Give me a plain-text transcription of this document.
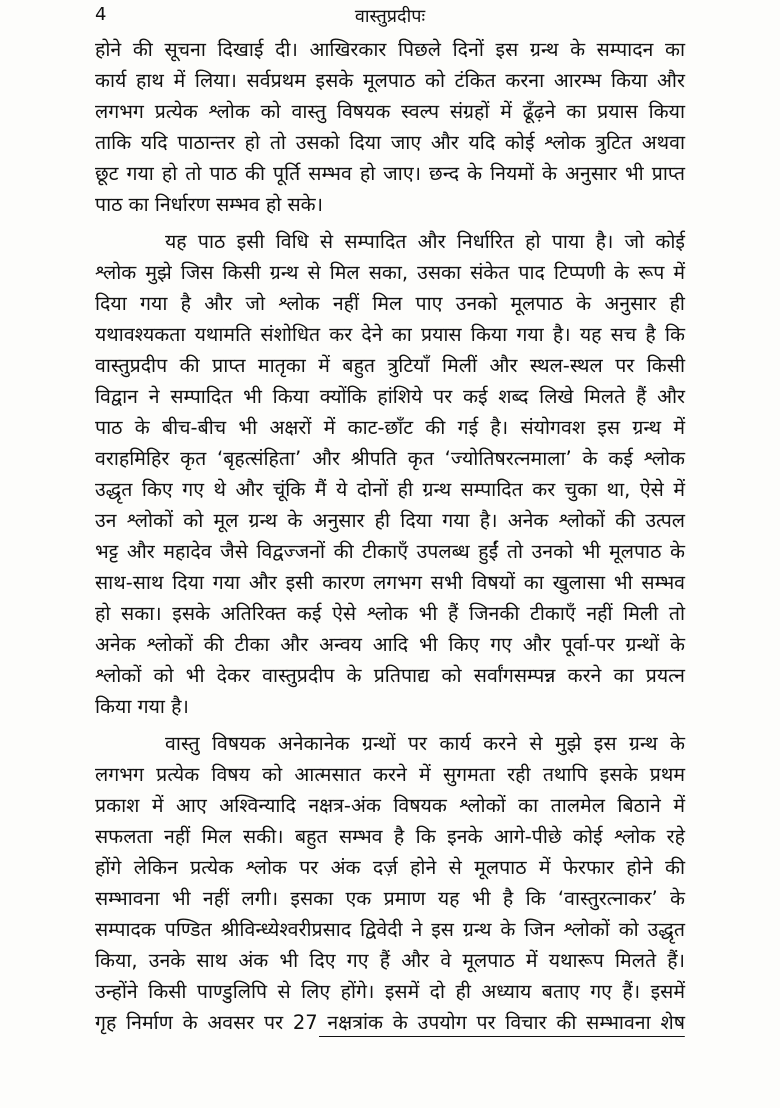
4	वास्तुप्रदीपः
होने की सूचना दिखाई दी। आखिरकार पिछले दिनों इस ग्रन्थ के सम्पादन का
कार्य हाथ में लिया। सर्वप्रथम इसके मूलपाठ को टंकित करना आरम्भ किया और
लगभग प्रत्येक श्लोक को वास्तु विषयक स्वल्प संग्रहों में ढूँढ़ने का प्रयास किया
ताकि यदि पाठान्तर हो तो उसको दिया जाए और यदि कोई श्लोक त्रुटित अथवा
छूट गया हो तो पाठ की पूर्ति सम्भव हो जाए। छन्द के नियमों के अनुसार भी प्राप्त
पाठ का निर्धारण सम्भव हो सके।
यह पाठ इसी विधि से सम्पादित और निर्धारित हो पाया है। जो कोई
श्लोक मुझे जिस किसी ग्रन्थ से मिल सका, उसका संकेत पाद टिप्पणी के रूप में
दिया गया है और जो श्लोक नहीं मिल पाए उनको मूलपाठ के अनुसार ही
यथावश्यकता यथामति संशोधित कर देने का प्रयास किया गया है। यह सच है कि
वास्तुप्रदीप की प्राप्त मातृका में बहुत त्रुटियाँ मिलीं और स्थल-स्थल पर किसी
विद्वान ने सम्पादित भी किया क्योंकि हांशिये पर कई शब्द लिखे मिलते हैं और
पाठ के बीच-बीच भी अक्षरों में काट-छाँट की गई है। संयोगवश इस ग्रन्थ में
वराहमिहिर कृत ‘बृहत्संहिता’ और श्रीपति कृत ‘ज्योतिषरत्नमाला’ के कई श्लोक
उद्धृत किए गए थे और चूंकि मैं ये दोनों ही ग्रन्थ सम्पादित कर चुका था, ऐसे में
उन श्लोकों को मूल ग्रन्थ के अनुसार ही दिया गया है। अनेक श्लोकों की उत्पल
भट्ट और महादेव जैसे विद्वज्जनों की टीकाएँ उपलब्ध हुईं तो उनको भी मूलपाठ के
साथ-साथ दिया गया और इसी कारण लगभग सभी विषयों का खुलासा भी सम्भव
हो सका। इसके अतिरिक्त कई ऐसे श्लोक भी हैं जिनकी टीकाएँ नहीं मिली तो
अनेक श्लोकों की टीका और अन्वय आदि भी किए गए और पूर्वा-पर ग्रन्थों के
श्लोकों को भी देकर वास्तुप्रदीप के प्रतिपाद्य को सर्वांगसम्पन्न करने का प्रयत्न
किया गया है।
वास्तु विषयक अनेकानेक ग्रन्थों पर कार्य करने से मुझे इस ग्रन्थ के
लगभग प्रत्येक विषय को आत्मसात करने में सुगमता रही तथापि इसके प्रथम
प्रकाश में आए अश्विन्यादि नक्षत्र-अंक विषयक श्लोकों का तालमेल बिठाने में
सफलता नहीं मिल सकी। बहुत सम्भव है कि इनके आगे-पीछे कोई श्लोक रहे
होंगे लेकिन प्रत्येक श्लोक पर अंक दर्ज़ होने से मूलपाठ में फेरफार होने की
सम्भावना भी नहीं लगी। इसका एक प्रमाण यह भी है कि ‘वास्तुरत्नाकर’ के
सम्पादक पण्डित श्रीविन्ध्येश्वरीप्रसाद द्विवेदी ने इस ग्रन्थ के जिन श्लोकों को उद्धृत
किया, उनके साथ अंक भी दिए गए हैं और वे मूलपाठ में यथारूप मिलते हैं।
उन्होंने किसी पाण्डुलिपि से लिए होंगे। इसमें दो ही अध्याय बताए गए हैं। इसमें
गृह निर्माण के अवसर पर 27 नक्षत्रांक के उपयोग पर विचार की सम्भावना शेष
